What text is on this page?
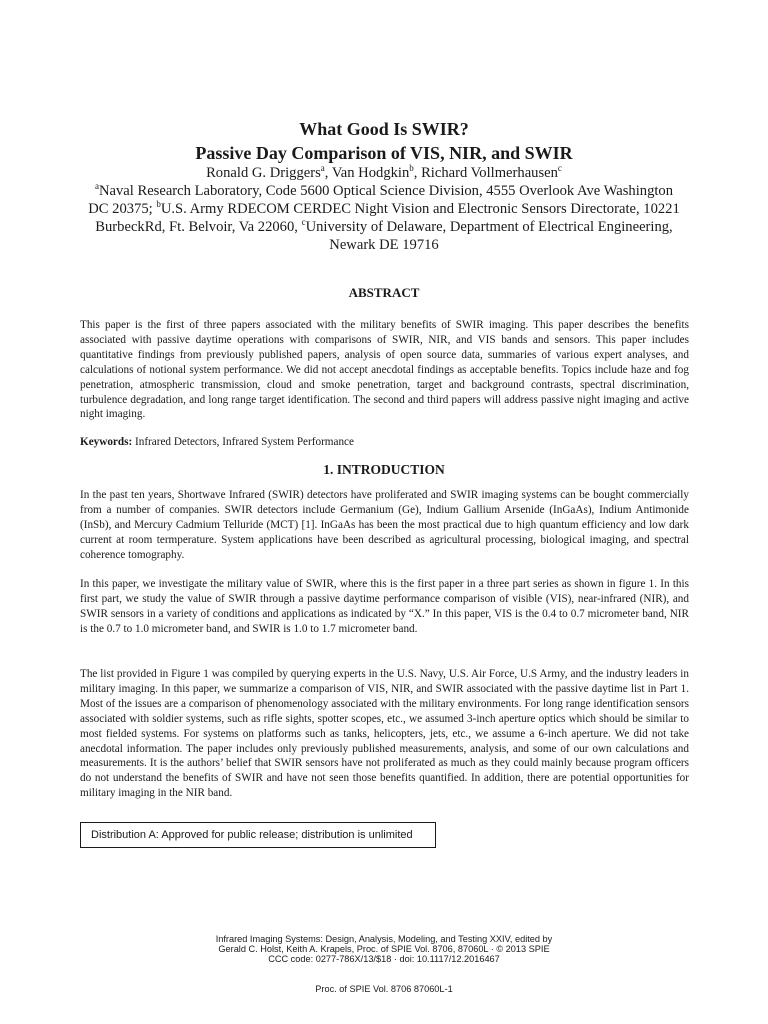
What Good Is SWIR?
Passive Day Comparison of VIS, NIR, and SWIR
Ronald G. Driggers$^a$, Van Hodgkin$^b$, Richard Vollmerhausen$^c$
$^a$Naval Research Laboratory, Code 5600 Optical Science Division, 4555 Overlook Ave Washington DC 20375; $^b$U.S. Army RDECOM CERDEC Night Vision and Electronic Sensors Directorate, 10221 BurbeckRd, Ft. Belvoir, Va 22060, $^c$University of Delaware, Department of Electrical Engineering, Newark DE 19716
ABSTRACT
This paper is the first of three papers associated with the military benefits of SWIR imaging. This paper describes the benefits associated with passive daytime operations with comparisons of SWIR, NIR, and VIS bands and sensors. This paper includes quantitative findings from previously published papers, analysis of open source data, summaries of various expert analyses, and calculations of notional system performance. We did not accept anecdotal findings as acceptable benefits. Topics include haze and fog penetration, atmospheric transmission, cloud and smoke penetration, target and background contrasts, spectral discrimination, turbulence degradation, and long range target identification. The second and third papers will address passive night imaging and active night imaging.
Keywords: Infrared Detectors, Infrared System Performance
1. INTRODUCTION
In the past ten years, Shortwave Infrared (SWIR) detectors have proliferated and SWIR imaging systems can be bought commercially from a number of companies. SWIR detectors include Germanium (Ge), Indium Gallium Arsenide (InGaAs), Indium Antimonide (InSb), and Mercury Cadmium Telluride (MCT) [1]. InGaAs has been the most practical due to high quantum efficiency and low dark current at room termperature. System applications have been described as agricultural processing, biological imaging, and spectral coherence tomography.
In this paper, we investigate the military value of SWIR, where this is the first paper in a three part series as shown in figure 1. In this first part, we study the value of SWIR through a passive daytime performance comparison of visible (VIS), near-infrared (NIR), and SWIR sensors in a variety of conditions and applications as indicated by “X.” In this paper, VIS is the 0.4 to 0.7 micrometer band, NIR is the 0.7 to 1.0 micrometer band, and SWIR is 1.0 to 1.7 micrometer band.
The list provided in Figure 1 was compiled by querying experts in the U.S. Navy, U.S. Air Force, U.S Army, and the industry leaders in military imaging. In this paper, we summarize a comparison of VIS, NIR, and SWIR associated with the passive daytime list in Part 1. Most of the issues are a comparison of phenomenology associated with the military environments. For long range identification sensors associated with soldier systems, such as rifle sights, spotter scopes, etc., we assumed 3-inch aperture optics which should be similar to most fielded systems. For systems on platforms such as tanks, helicopters, jets, etc., we assume a 6-inch aperture. We did not take anecdotal information. The paper includes only previously published measurements, analysis, and some of our own calculations and measurements. It is the authors’ belief that SWIR sensors have not proliferated as much as they could mainly because program officers do not understand the benefits of SWIR and have not seen those benefits quantified. In addition, there are potential opportunities for military imaging in the NIR band.
Distribution A: Approved for public release; distribution is unlimited
Infrared Imaging Systems: Design, Analysis, Modeling, and Testing XXIV, edited by
Gerald C. Holst, Keith A. Krapels, Proc. of SPIE Vol. 8706, 87060L · © 2013 SPIE
CCC code: 0277-786X/13/$18 · doi: 10.1117/12.2016467
Proc. of SPIE Vol. 8706 87060L-1
